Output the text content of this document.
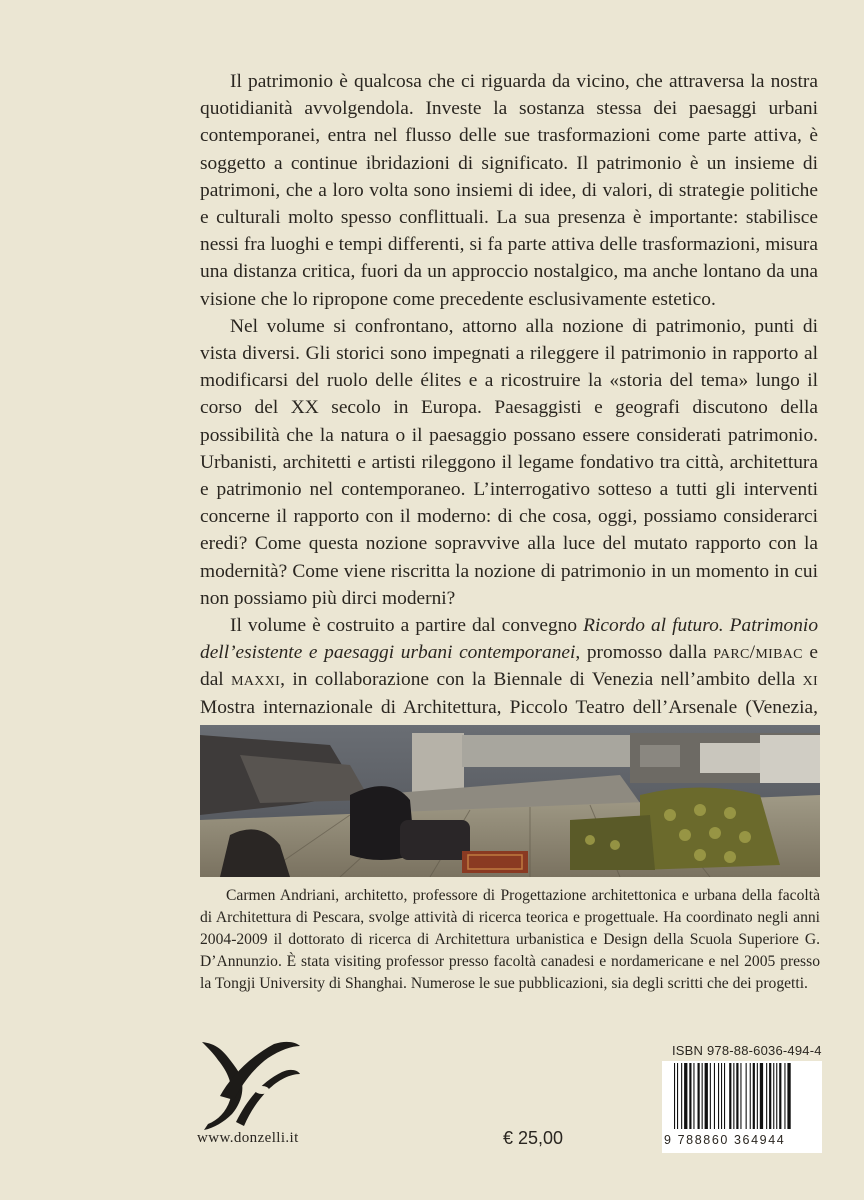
Il patrimonio è qualcosa che ci riguarda da vicino, che attraversa la nostra quotidianità avvolgendola. Investe la sostanza stessa dei paesaggi urbani contemporanei, entra nel flusso delle sue trasformazioni come parte attiva, è soggetto a continue ibridazioni di significato. Il patrimonio è un insieme di patrimoni, che a loro volta sono insiemi di idee, di valori, di strategie politiche e culturali molto spesso conflittuali. La sua presenza è importante: stabilisce nessi fra luoghi e tempi differenti, si fa parte attiva delle trasformazioni, misura una distanza critica, fuori da un approccio nostalgico, ma anche lontano da una visione che lo ripropone come precedente esclusivamente estetico.

Nel volume si confrontano, attorno alla nozione di patrimonio, punti di vista diversi. Gli storici sono impegnati a rileggere il patrimonio in rapporto al modificarsi del ruolo delle élites e a ricostruire la «storia del tema» lungo il corso del XX secolo in Europa. Paesaggisti e geografi discutono della possibilità che la natura o il paesaggio possano essere considerati patrimonio. Urbanisti, architetti e artisti rileggono il legame fondativo tra città, architettura e patrimonio nel contemporaneo. L’interrogativo sotteso a tutti gli interventi concerne il rapporto con il moderno: di che cosa, oggi, possiamo considerarci eredi? Come questa nozione sopravvive alla luce del mutato rapporto con la modernità? Come viene riscritta la nozione di patrimonio in un momento in cui non possiamo più dirci moderni?

Il volume è costruito a partire dal convegno Ricordo al futuro. Patrimonio dell’esistente e paesaggi urbani contemporanei, promosso dalla parc/mibac e dal maxxi, in collaborazione con la Biennale di Venezia nell’ambito della xi Mostra internazionale di Architettura, Piccolo Teatro dell’Arsenale (Venezia,

Carmen Andriani, architetto, professore di Progettazione architettonica e urbana della facoltà di Architettura di Pescara, svolge attività di ricerca teorica e progettuale. Ha coordinato negli anni 2004-2009 il dottorato di ricerca di Architettura urbanistica e Design della Scuola Superiore G. D’Annunzio. È stata visiting professor presso facoltà canadesi e nordamericane e nel 2005 presso la Tongji University di Shanghai. Numerose le sue pubblicazioni, sia degli scritti che dei progetti.

www.donzelli.it	€ 25,00
ISBN 978-88-6036-494-4
9 788860 364944
